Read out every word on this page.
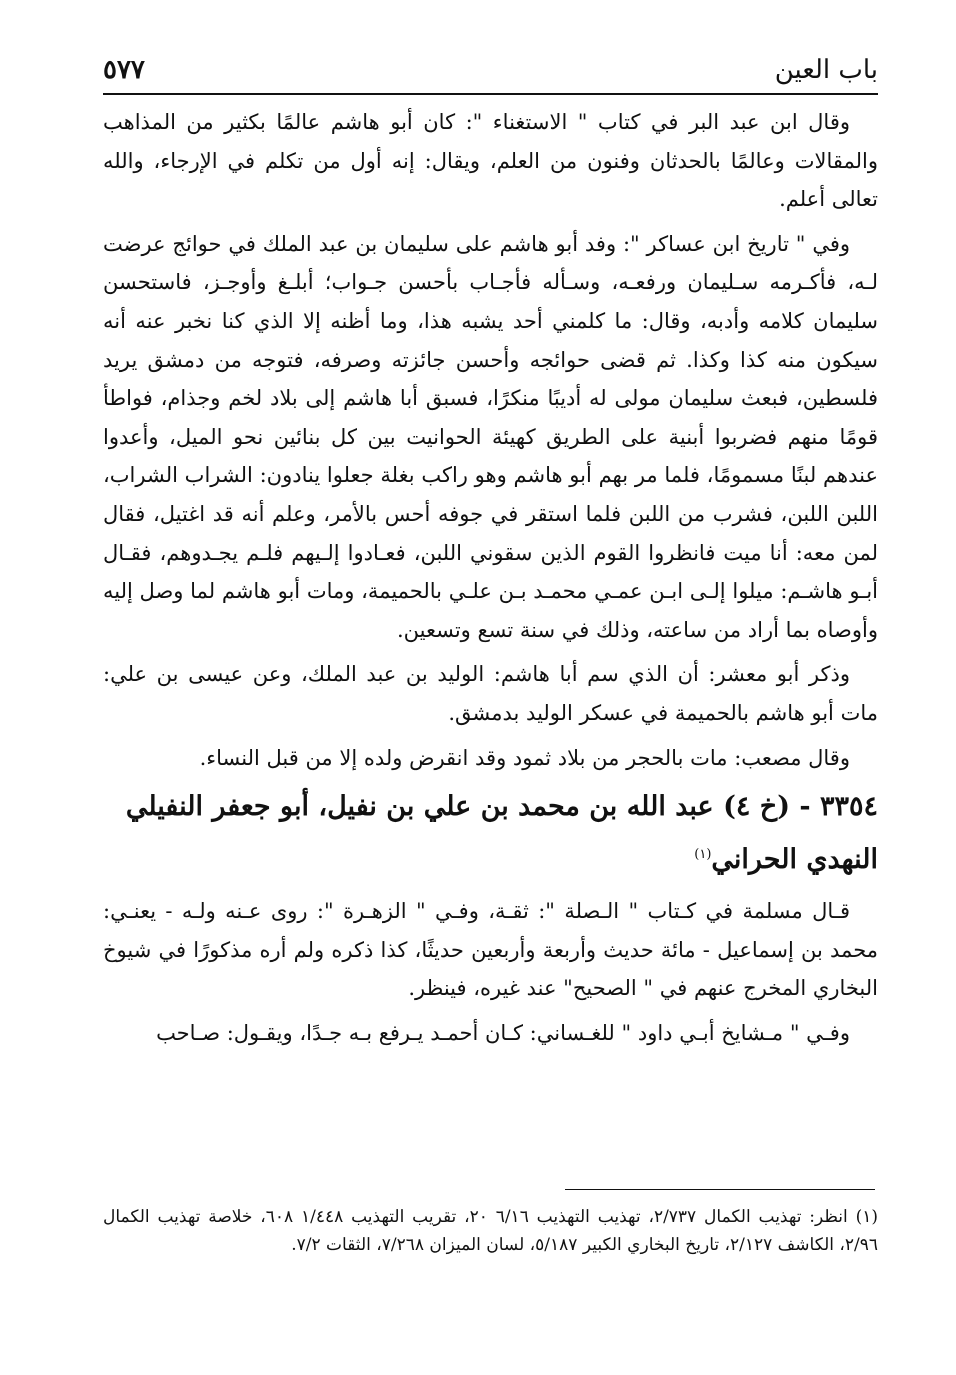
باب العين
٥٧٧

وقال ابن عبد البر في كتاب " الاستغناء ": كان أبو هاشم عالمًا بكثير من المذاهب والمقالات وعالمًا بالحدثان وفنون من العلم، ويقال: إنه أول من تكلم في الإرجاء، والله تعالى أعلم.

وفي " تاريخ ابن عساكر ": وفد أبو هاشم على سليمان بن عبد الملك في حوائج عرضت لـه، فأكـرمه سـليمان ورفعـه، وسـأله فأجـاب بأحسن جـواب؛ أبلـغ وأوجـز، فاستحسن سليمان كلامه وأدبه، وقال: ما كلمني أحد يشبه هذا، وما أظنه إلا الذي كنا نخبر عنه أنه سيكون منه كذا وكذا. ثم قضى حوائجه وأحسن جائزته وصرفه، فتوجه من دمشق يريد فلسطين، فبعث سليمان مولى له أديبًا منكرًا، فسبق أبا هاشم إلى بلاد لخم وجذام، فواطأ قومًا منهم فضربوا أبنية على الطريق كهيئة الحوانيت بين كل بنائين نحو الميل، وأعدوا عندهم لبنًا مسمومًا، فلما مر بهم أبو هاشم وهو راكب بغلة جعلوا ينادون: الشراب الشراب، اللبن اللبن، فشرب من اللبن فلما استقر في جوفه أحس بالأمر، وعلم أنه قد اغتيل، فقال لمن معه: أنا ميت فانظروا القوم الذين سقوني اللبن، فعـادوا إلـيهم فلـم يجـدوهم، فقـال أبـو هاشـم: ميلوا إلـى ابـن عمـي محمـد بـن علـي بالحميمة، ومات أبو هاشم لما وصل إليه وأوصاه بما أراد من ساعته، وذلك في سنة تسع وتسعين.

وذكر أبو معشر: أن الذي سم أبا هاشم: الوليد بن عبد الملك، وعن عيسى بن علي: مات أبو هاشم بالحميمة في عسكر الوليد بدمشق.

وقال مصعب: مات بالحجر من بلاد ثمود وقد انقرض ولده إلا من قبل النساء.

٣٣٥٤ - (خ ٤) عبد الله بن محمد بن علي بن نفيل، أبو جعفر النفيلي النهدي الحراني$^{(١)}$

قـال مسلمة في كـتاب " الـصلة ": ثقـة، وفـي " الزهـرة ": روى عـنه ولـه - يعنـي: محمد بن إسماعيل - مائة حديث وأربعة وأربعين حديثًا، كذا ذكره ولم أره مذكورًا في شيوخ البخاري المخرج عنهم في " الصحيح" عند غيره، فينظر.

وفـي " مـشايخ أبـي داود " للغـساني: كـان أحمـد يـرفع بـه جـدًا، ويقـول: صـاحب

(١) انظر: تهذيب الكمال ٢/٧٣٧، تهذيب التهذيب ٦/١٦ ٢٠، تقريب التهذيب ١/٤٤٨ ٦٠٨، خلاصة تهذيب الكمال ٢/٩٦، الكاشف ٢/١٢٧، تاريخ البخاري الكبير ٥/١٨٧، لسان الميزان ٧/٢٦٨، الثقات ٧/٢.
